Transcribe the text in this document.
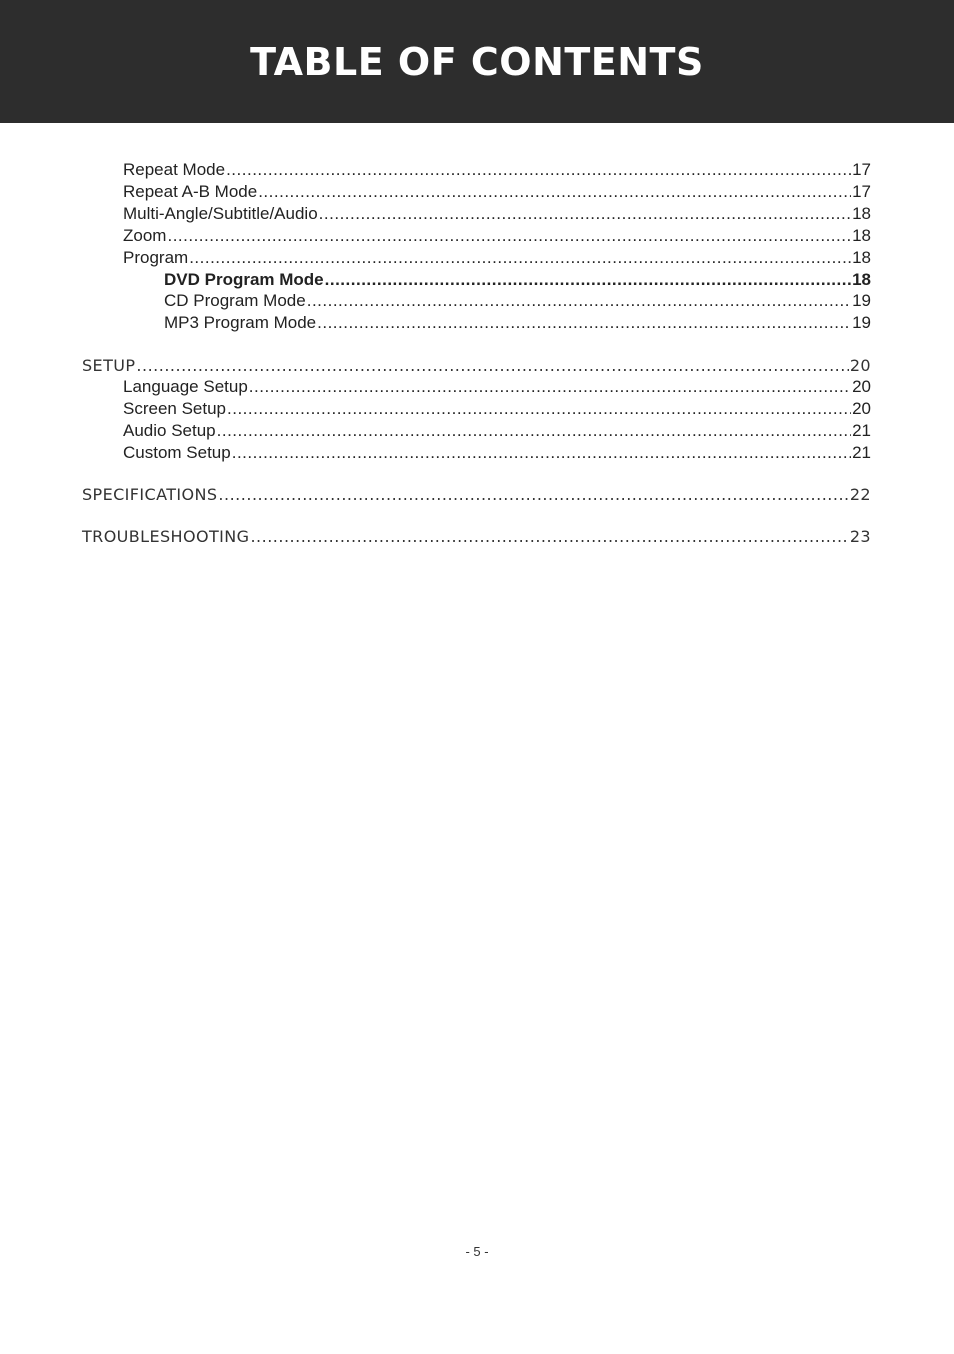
TABLE OF CONTENTS
Repeat Mode .....	17
Repeat A-B Mode .....	17
Multi-Angle/Subtitle/Audio .....	18
Zoom .....	18
Program .....	18
DVD Program Mode .....	18
CD Program Mode .....	19
MP3 Program Mode .....	19
SETUP .....	20
Language Setup .....	20
Screen Setup .....	20
Audio Setup .....	21
Custom Setup .....	21
SPECIFICATIONS .....	22
TROUBLESHOOTING .....	23
- 5 -
